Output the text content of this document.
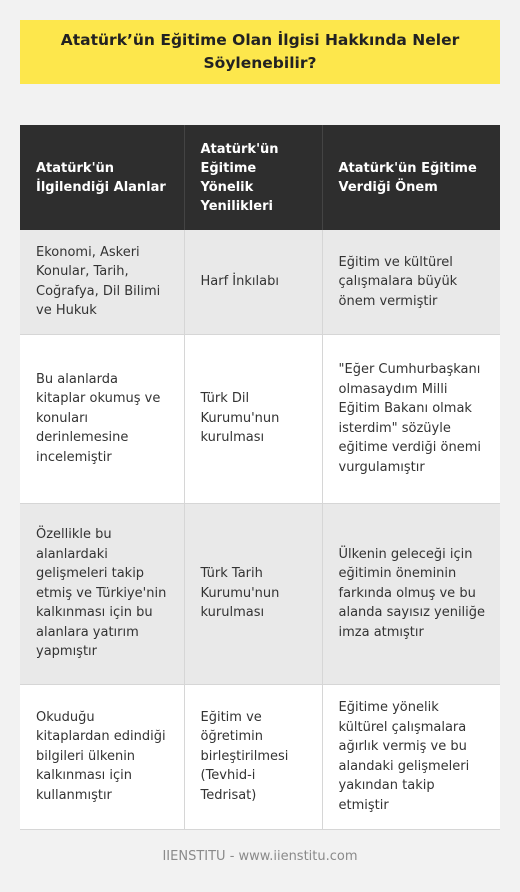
Atatürk’ün Eğitime Olan İlgisi Hakkında Neler Söylenebilir?
Atatürk'ün İlgilendiği Alanlar	Atatürk'ün Eğitime Yönelik Yenilikleri	Atatürk'ün Eğitime Verdiği Önem
Ekonomi, Askeri Konular, Tarih, Coğrafya, Dil Bilimi ve Hukuk	Harf İnkılabı	Eğitim ve kültürel çalışmalara büyük önem vermiştir
Bu alanlarda kitaplar okumuş ve konuları derinlemesine incelemiştir	Türk Dil Kurumu'nun kurulması	"Eğer Cumhurbaşkanı olmasaydım Milli Eğitim Bakanı olmak isterdim" sözüyle eğitime verdiği önemi vurgulamıştır
Özellikle bu alanlardaki gelişmeleri takip etmiş ve Türkiye'nin kalkınması için bu alanlara yatırım yapmıştır	Türk Tarih Kurumu'nun kurulması	Ülkenin geleceği için eğitimin öneminin farkında olmuş ve bu alanda sayısız yeniliğe imza atmıştır
Okuduğu kitaplardan edindiği bilgileri ülkenin kalkınması için kullanmıştır	Eğitim ve öğretimin birleştirilmesi (Tevhid-i Tedrisat)	Eğitime yönelik kültürel çalışmalara ağırlık vermiş ve bu alandaki gelişmeleri yakından takip etmiştir
IIENSTITU - www.iienstitu.com
